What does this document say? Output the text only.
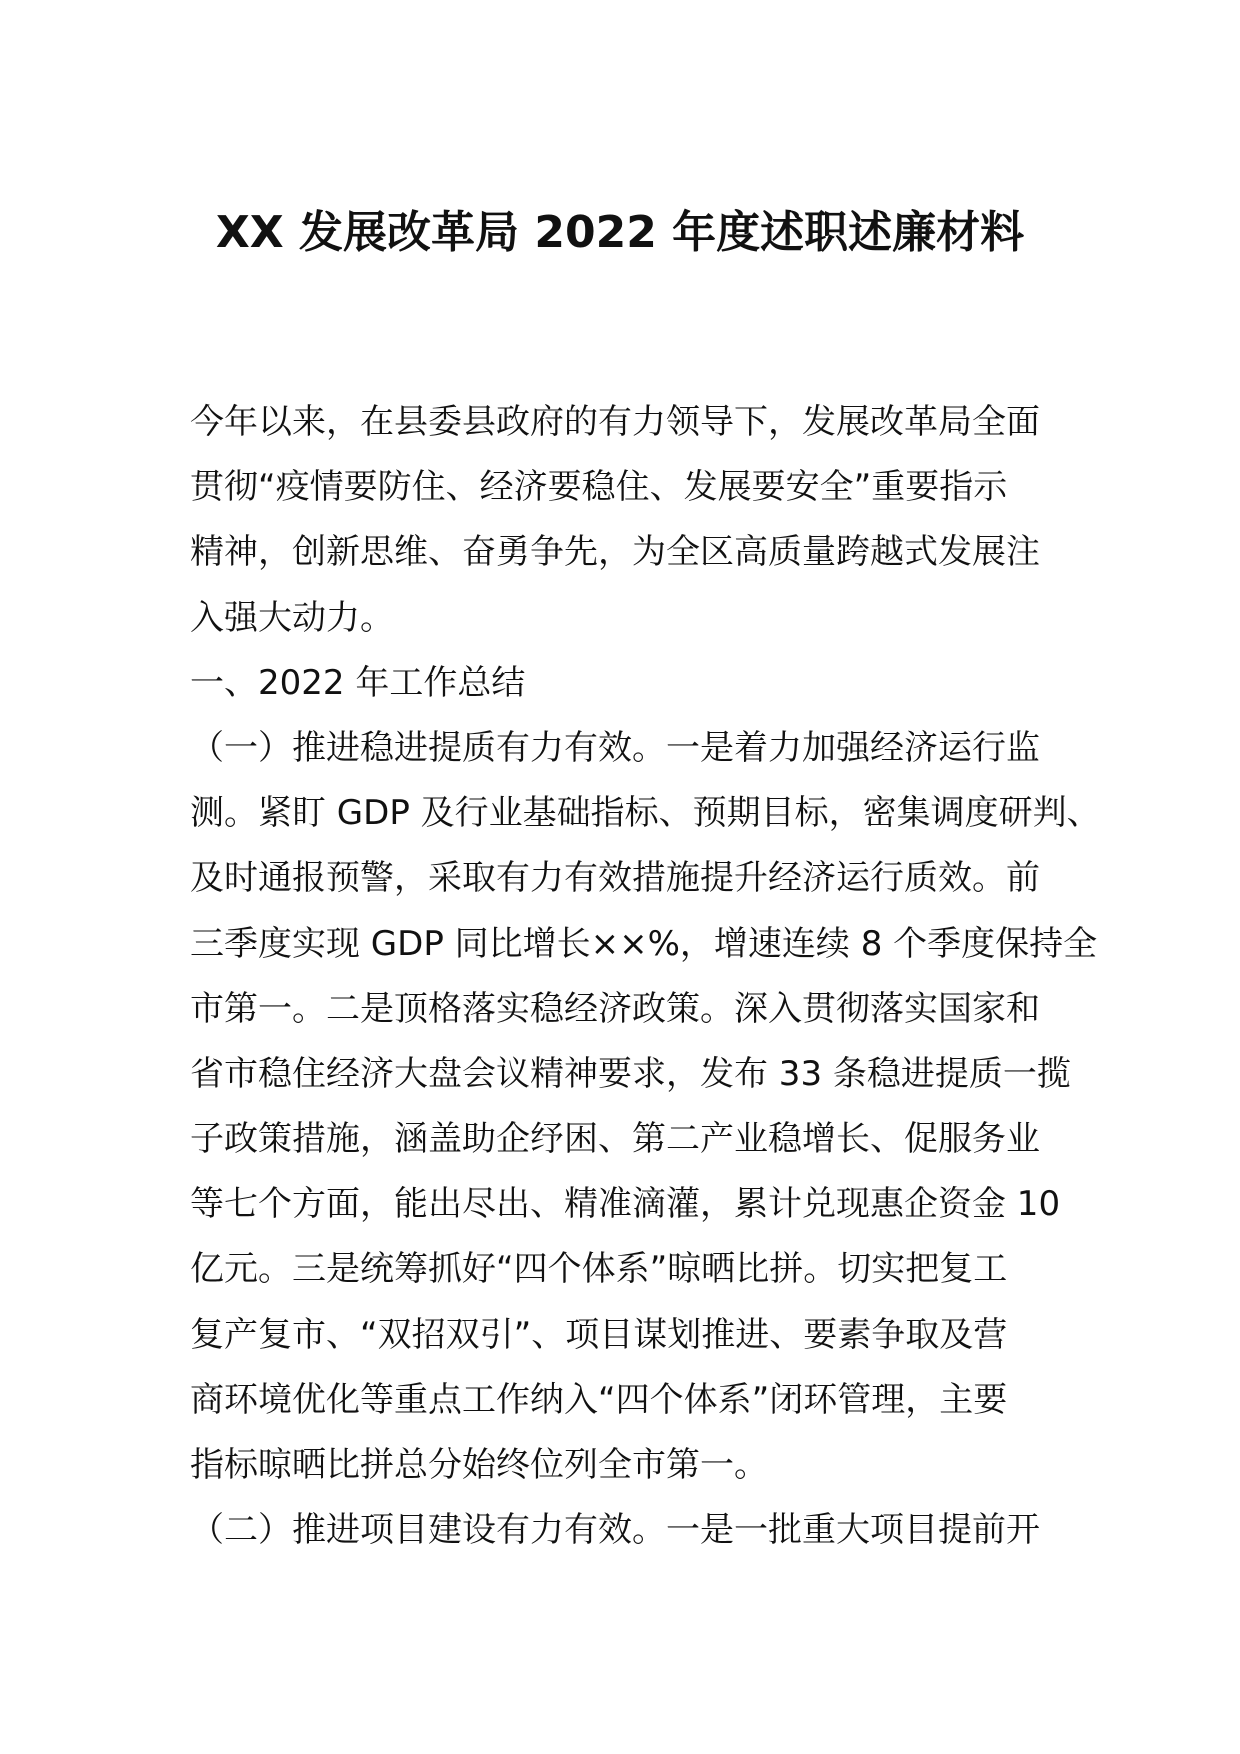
XX 发展改革局 2022 年度述职述廉材料
今年以来，在县委县政府的有力领导下，发展改革局全面
贯彻“疫情要防住、经济要稳住、发展要安全”重要指示
精神，创新思维、奋勇争先，为全区高质量跨越式发展注
入强大动力。
一、2022 年工作总结
（一）推进稳进提质有力有效。一是着力加强经济运行监
测。紧盯 GDP 及行业基础指标、预期目标，密集调度研判、
及时通报预警，采取有力有效措施提升经济运行质效。前
三季度实现 GDP 同比增长××%，增速连续 8 个季度保持全
市第一。二是顶格落实稳经济政策。深入贯彻落实国家和
省市稳住经济大盘会议精神要求，发布 33 条稳进提质一揽
子政策措施，涵盖助企纾困、第二产业稳增长、促服务业
等七个方面，能出尽出、精准滴灌，累计兑现惠企资金 10
亿元。三是统筹抓好“四个体系”晾晒比拼。切实把复工
复产复市、“双招双引”、项目谋划推进、要素争取及营
商环境优化等重点工作纳入“四个体系”闭环管理，主要
指标晾晒比拼总分始终位列全市第一。
（二）推进项目建设有力有效。一是一批重大项目提前开
